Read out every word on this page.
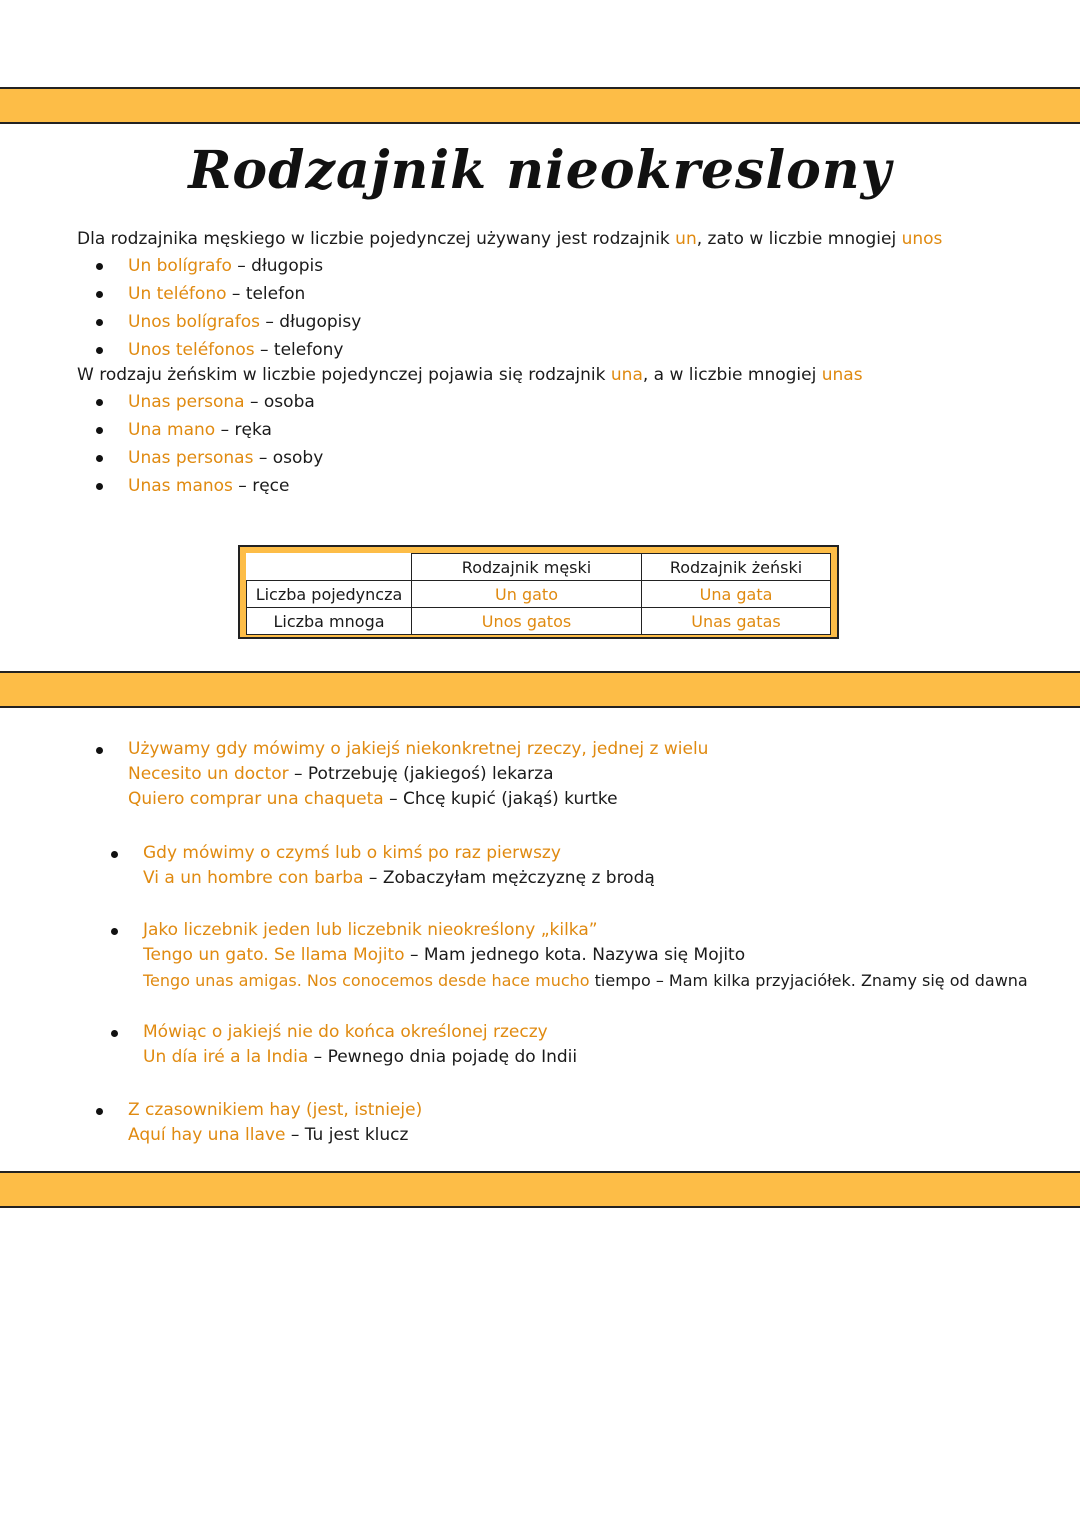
Rodzajnik nieokreslony
Dla rodzajnika męskiego w liczbie pojedynczej używany jest rodzajnik un, zato w liczbie mnogiej unos
Un bolígrafo – długopis
Un teléfono – telefon
Unos bolígrafos – długopisy
Unos teléfonos – telefony
W rodzaju żeńskim w liczbie pojedynczej pojawia się rodzajnik una, a w liczbie mnogiej unas
Unas persona – osoba
Una mano – ręka
Unas personas – osoby
Unas manos – ręce
	Rodzajnik męski	Rodzajnik żeński
Liczba pojedyncza	Un gato	Una gata
Liczba mnoga	Unos gatos	Unas gatas
Używamy gdy mówimy o jakiejś niekonkretnej rzeczy, jednej z wielu
Necesito un doctor – Potrzebuję (jakiegoś) lekarza
Quiero comprar una chaqueta – Chcę kupić (jakąś) kurtke
Gdy mówimy o czymś lub o kimś po raz pierwszy
Vi a un hombre con barba – Zobaczyłam mężczyznę z brodą
Jako liczebnik jeden lub liczebnik nieokreślony „kilka”
Tengo un gato. Se llama Mojito – Mam jednego kota. Nazywa się Mojito
Tengo unas amigas. Nos conocemos desde hace mucho tiempo – Mam kilka przyjaciółek. Znamy się od dawna
Mówiąc o jakiejś nie do końca określonej rzeczy
Un día iré a la India – Pewnego dnia pojadę do Indii
Z czasownikiem hay (jest, istnieje)
Aquí hay una llave – Tu jest klucz
